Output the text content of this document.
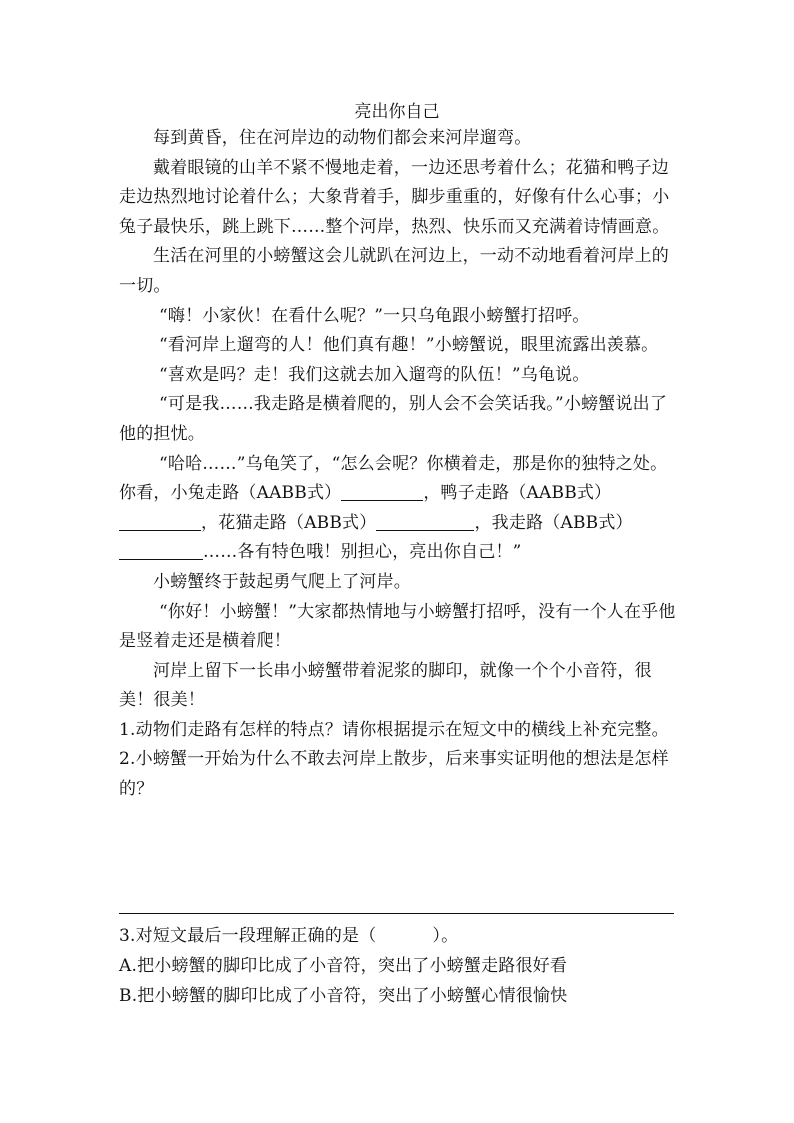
亮出你自己

每到黄昏，住在河岸边的动物们都会来河岸遛弯。

戴着眼镜的山羊不紧不慢地走着，一边还思考着什么；花猫和鸭子边走边热烈地讨论着什么；大象背着手，脚步重重的，好像有什么心事；小兔子最快乐，跳上跳下……整个河岸，热烈、快乐而又充满着诗情画意。

生活在河里的小螃蟹这会儿就趴在河边上，一动不动地看着河岸上的一切。

“嗨！小家伙！在看什么呢？”一只乌龟跟小螃蟹打招呼。

“看河岸上遛弯的人！他们真有趣！”小螃蟹说，眼里流露出羡慕。

“喜欢是吗？走！我们这就去加入遛弯的队伍！”乌龟说。

“可是我……我走路是横着爬的，别人会不会笑话我。”小螃蟹说出了他的担忧。

“哈哈……”乌龟笑了，“怎么会呢？你横着走，那是你的独特之处。你看，小兔走路（AABB式）	，鸭子走路（AABB式），花猫走路（ABB式）	，我走路（ABB式）……各有特色哦！别担心，亮出你自己！”

小螃蟹终于鼓起勇气爬上了河岸。

“你好！小螃蟹！”大家都热情地与小螃蟹打招呼，没有一个人在乎他是竖着走还是横着爬！

河岸上留下一长串小螃蟹带着泥浆的脚印，就像一个个小音符，很美！很美！

1.动物们走路有怎样的特点？请你根据提示在短文中的横线上补充完整。

2.小螃蟹一开始为什么不敢去河岸上散步，后来事实证明他的想法是怎样的？

3.对短文最后一段理解正确的是（	）。

A.把小螃蟹的脚印比成了小音符，突出了小螃蟹走路很好看

B.把小螃蟹的脚印比成了小音符，突出了小螃蟹心情很愉快
